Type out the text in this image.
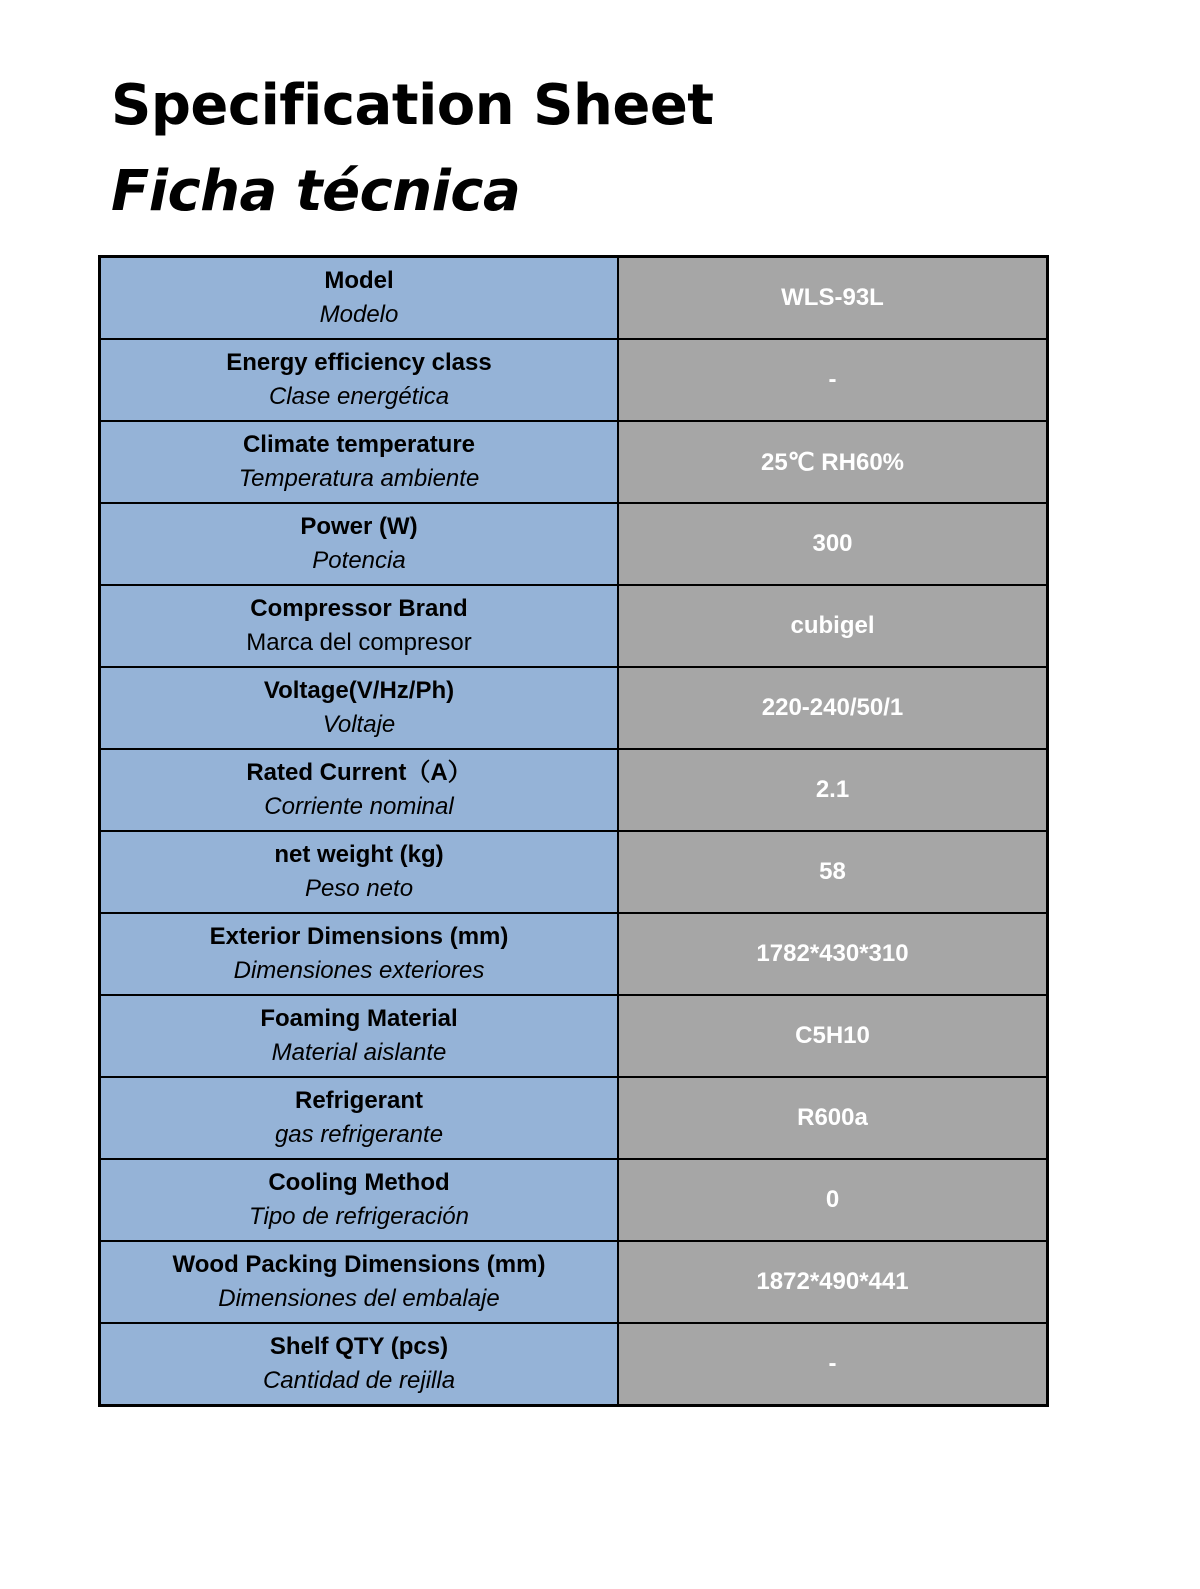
Specification Sheet
Ficha técnica
Model
Modelo	WLS-93L

Energy efficiency class
Clase energética	-

Climate temperature
Temperatura ambiente	25℃ RH60%

Power (W)
Potencia	300

Compressor Brand
Marca del compresor	cubigel

Voltage(V/Hz/Ph)
Voltaje	220-240/50/1

Rated Current（A）
Corriente nominal	2.1

net weight (kg)
Peso neto	58

Exterior Dimensions (mm)
Dimensiones exteriores	1782*430*310

Foaming Material
Material aislante	C5H10

Refrigerant
gas refrigerante	R600a

Cooling Method
Tipo de refrigeración	0

Wood Packing Dimensions (mm)
Dimensiones del embalaje	1872*490*441

Shelf QTY (pcs)
Cantidad de rejilla	-
